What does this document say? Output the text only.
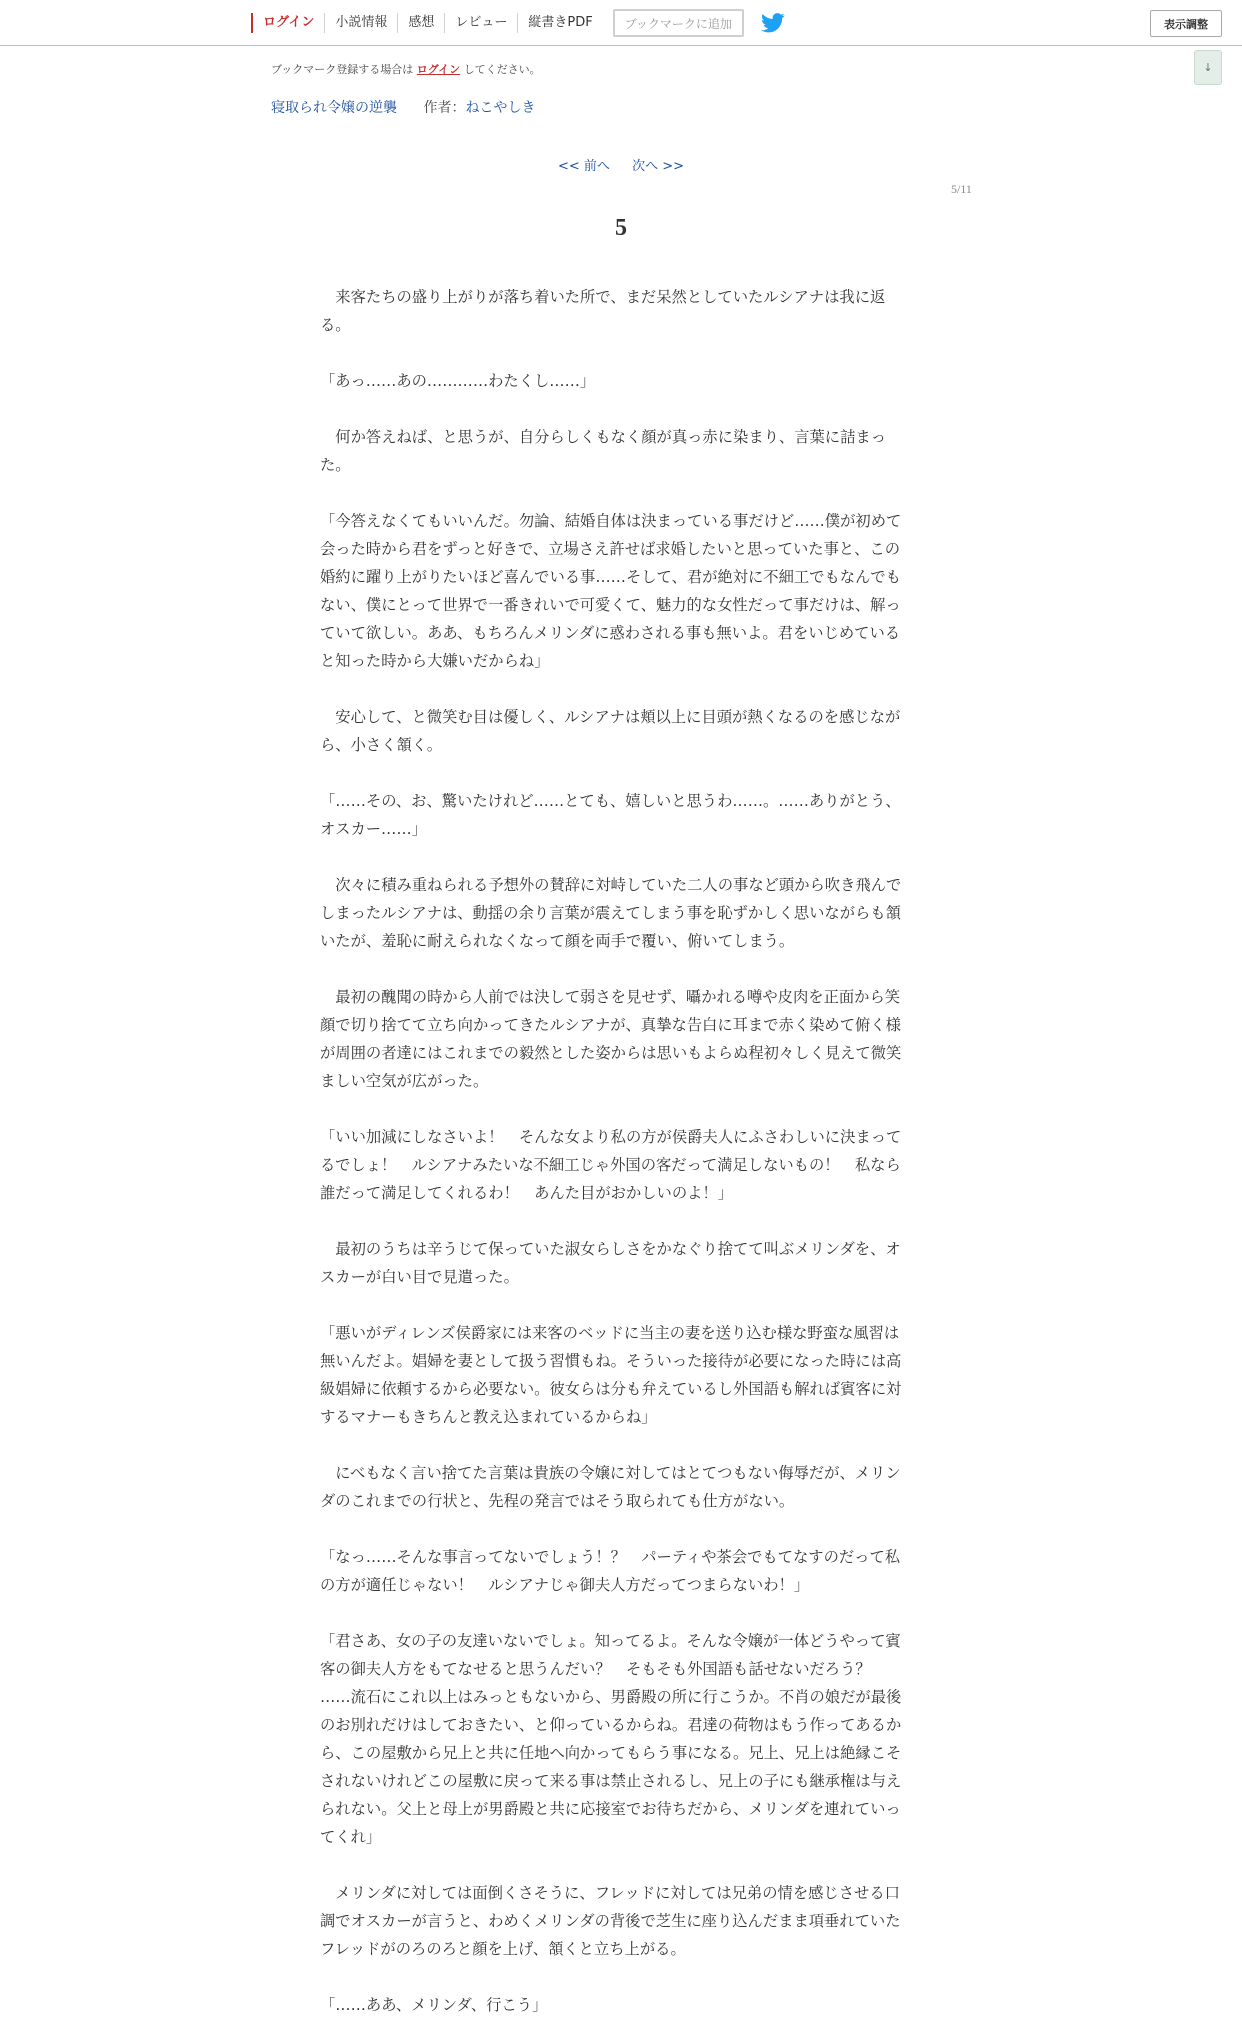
ログイン	小説情報	感想	レビュー	縦書きPDF	ブックマークに追加	表示調整
↓
ブックマーク登録する場合は ログイン してください。
寝取られ令嬢の逆襲 作者：ねこやしき
<< 前へ 次へ >>
5/11
5

　来客たちの盛り上がりが落ち着いた所で、まだ呆然としていたルシアナは我に返る。

「あっ……あの…………わたくし……」

　何か答えねば、と思うが、自分らしくもなく顔が真っ赤に染まり、言葉に詰まった。

「今答えなくてもいいんだ。勿論、結婚自体は決まっている事だけど……僕が初めて会った時から君をずっと好きで、立場さえ許せば求婚したいと思っていた事と、この婚約に躍り上がりたいほど喜んでいる事……そして、君が絶対に不細工でもなんでもない、僕にとって世界で一番きれいで可愛くて、魅力的な女性だって事だけは、解っていて欲しい。ああ、もちろんメリンダに惑わされる事も無いよ。君をいじめていると知った時から大嫌いだからね」

　安心して、と微笑む目は優しく、ルシアナは頬以上に目頭が熱くなるのを感じながら、小さく頷く。

「……その、お、驚いたけれど……とても、嬉しいと思うわ……。……ありがとう、オスカー……」

　次々に積み重ねられる予想外の賛辞に対峙していた二人の事など頭から吹き飛んでしまったルシアナは、動揺の余り言葉が震えてしまう事を恥ずかしく思いながらも頷いたが、羞恥に耐えられなくなって顔を両手で覆い、俯いてしまう。

　最初の醜聞の時から人前では決して弱さを見せず、囁かれる噂や皮肉を正面から笑顔で切り捨てて立ち向かってきたルシアナが、真摯な告白に耳まで赤く染めて俯く様が周囲の者達にはこれまでの毅然とした姿からは思いもよらぬ程初々しく見えて微笑ましい空気が広がった。

「いい加減にしなさいよ！　そんな女より私の方が侯爵夫人にふさわしいに決まってるでしょ！　ルシアナみたいな不細工じゃ外国の客だって満足しないもの！　私なら誰だって満足してくれるわ！　あんた目がおかしいのよ！」

　最初のうちは辛うじて保っていた淑女らしさをかなぐり捨てて叫ぶメリンダを、オスカーが白い目で見遣った。

「悪いがディレンズ侯爵家には来客のベッドに当主の妻を送り込む様な野蛮な風習は無いんだよ。娼婦を妻として扱う習慣もね。そういった接待が必要になった時には高級娼婦に依頼するから必要ない。彼女らは分も弁えているし外国語も解れば賓客に対するマナーもきちんと教え込まれているからね」

　にべもなく言い捨てた言葉は貴族の令嬢に対してはとてつもない侮辱だが、メリンダのこれまでの行状と、先程の発言ではそう取られても仕方がない。

「なっ……そんな事言ってないでしょう！？　パーティや茶会でもてなすのだって私の方が適任じゃない！　ルシアナじゃ御夫人方だってつまらないわ！」

「君さあ、女の子の友達いないでしょ。知ってるよ。そんな令嬢が一体どうやって賓客の御夫人方をもてなせると思うんだい？　そもそも外国語も話せないだろう？　……流石にこれ以上はみっともないから、男爵殿の所に行こうか。不肖の娘だが最後のお別れだけはしておきたい、と仰っているからね。君達の荷物はもう作ってあるから、この屋敷から兄上と共に任地へ向かってもらう事になる。兄上、兄上は絶縁こそされないけれどこの屋敷に戻って来る事は禁止されるし、兄上の子にも継承権は与えられない。父上と母上が男爵殿と共に応接室でお待ちだから、メリンダを連れていってくれ」

　メリンダに対しては面倒くさそうに、フレッドに対しては兄弟の情を感じさせる口調でオスカーが言うと、わめくメリンダの背後で芝生に座り込んだまま項垂れていたフレッドがのろのろと顔を上げ、頷くと立ち上がる。

「……ああ、メリンダ、行こう」
